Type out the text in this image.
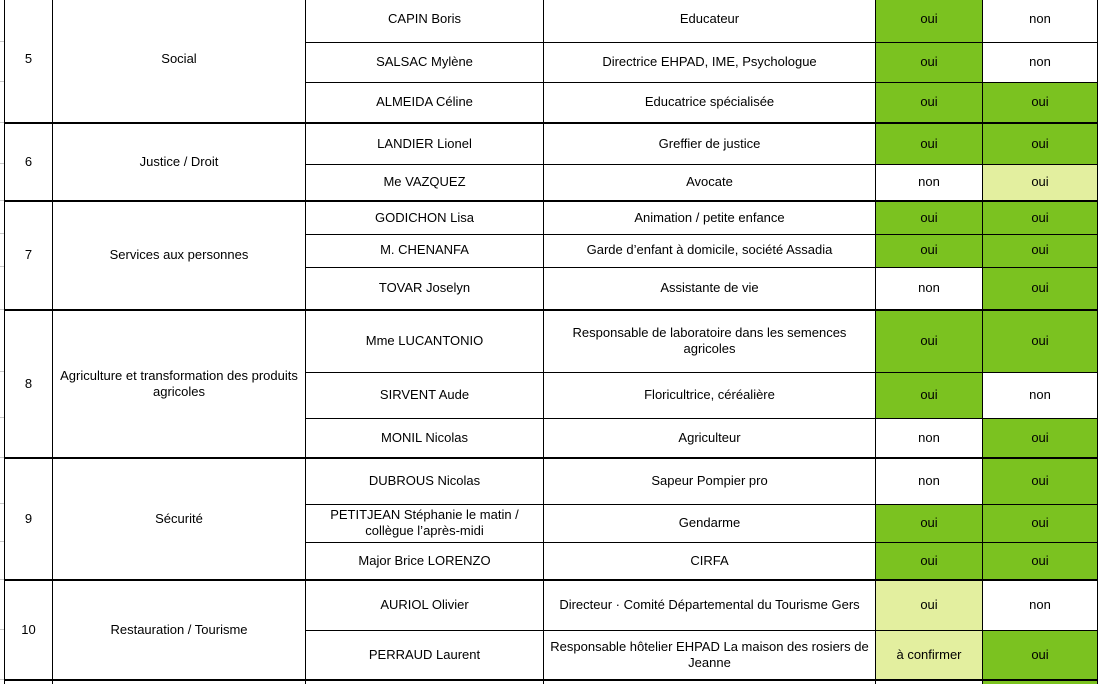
5	Social	CAPIN Boris	Educateur	oui	non
		SALSAC Mylène	Directrice EHPAD, IME, Psychologue	oui	non
		ALMEIDA Céline	Educatrice spécialisée	oui	oui
6	Justice / Droit	LANDIER Lionel	Greffier de justice	oui	oui
		Me VAZQUEZ	Avocate	non	oui
7	Services aux personnes	GODICHON Lisa	Animation / petite enfance	oui	oui
		M. CHENANFA	Garde d’enfant à domicile, société Assadia	oui	oui
		TOVAR Joselyn	Assistante de vie	non	oui
8	Agriculture et transformation des produits agricoles	Mme LUCANTONIO	Responsable de laboratoire dans les semences agricoles	oui	oui
		SIRVENT Aude	Floricultrice, céréalière	oui	non
		MONIL Nicolas	Agriculteur	non	oui
9	Sécurité	DUBROUS Nicolas	Sapeur Pompier pro	non	oui
		PETITJEAN Stéphanie le matin / collègue l’après-midi	Gendarme	oui	oui
		Major Brice LORENZO	CIRFA	oui	oui
10	Restauration / Tourisme	AURIOL Olivier	Directeur · Comité Départemental du Tourisme Gers	oui	non
		PERRAUD Laurent	Responsable hôtelier EHPAD La maison des rosiers de Jeanne	à confirmer	oui
